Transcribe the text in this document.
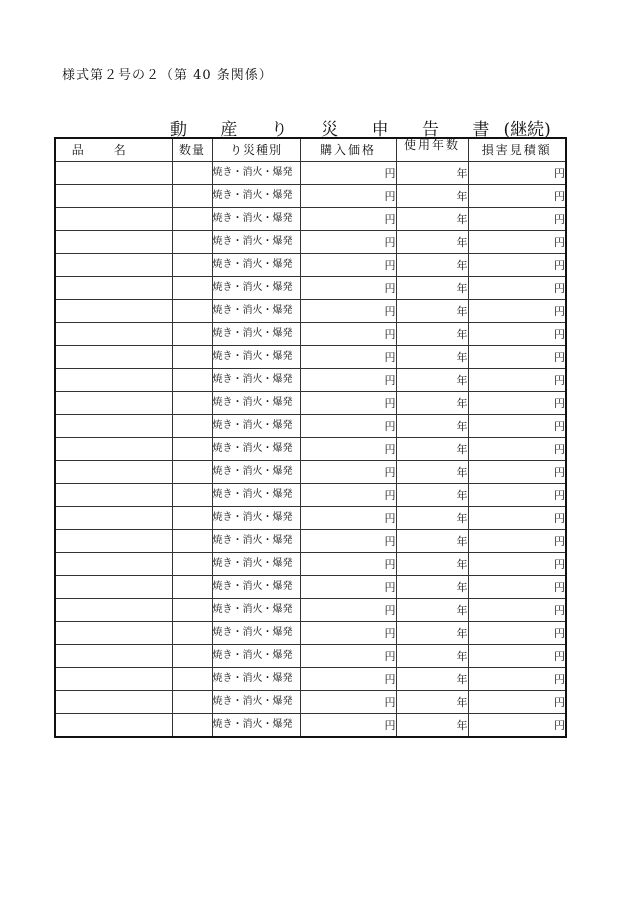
様式第２号の２（第 40 条関係）
動 産 り 災 申 告 書(継続)
品名	数量	り災種別	購入価格	使用年数	損害見積額
		焼き・消火・爆発	円	年	円
		焼き・消火・爆発	円	年	円
		焼き・消火・爆発	円	年	円
		焼き・消火・爆発	円	年	円
		焼き・消火・爆発	円	年	円
		焼き・消火・爆発	円	年	円
		焼き・消火・爆発	円	年	円
		焼き・消火・爆発	円	年	円
		焼き・消火・爆発	円	年	円
		焼き・消火・爆発	円	年	円
		焼き・消火・爆発	円	年	円
		焼き・消火・爆発	円	年	円
		焼き・消火・爆発	円	年	円
		焼き・消火・爆発	円	年	円
		焼き・消火・爆発	円	年	円
		焼き・消火・爆発	円	年	円
		焼き・消火・爆発	円	年	円
		焼き・消火・爆発	円	年	円
		焼き・消火・爆発	円	年	円
		焼き・消火・爆発	円	年	円
		焼き・消火・爆発	円	年	円
		焼き・消火・爆発	円	年	円
		焼き・消火・爆発	円	年	円
		焼き・消火・爆発	円	年	円
		焼き・消火・爆発	円	年	円
